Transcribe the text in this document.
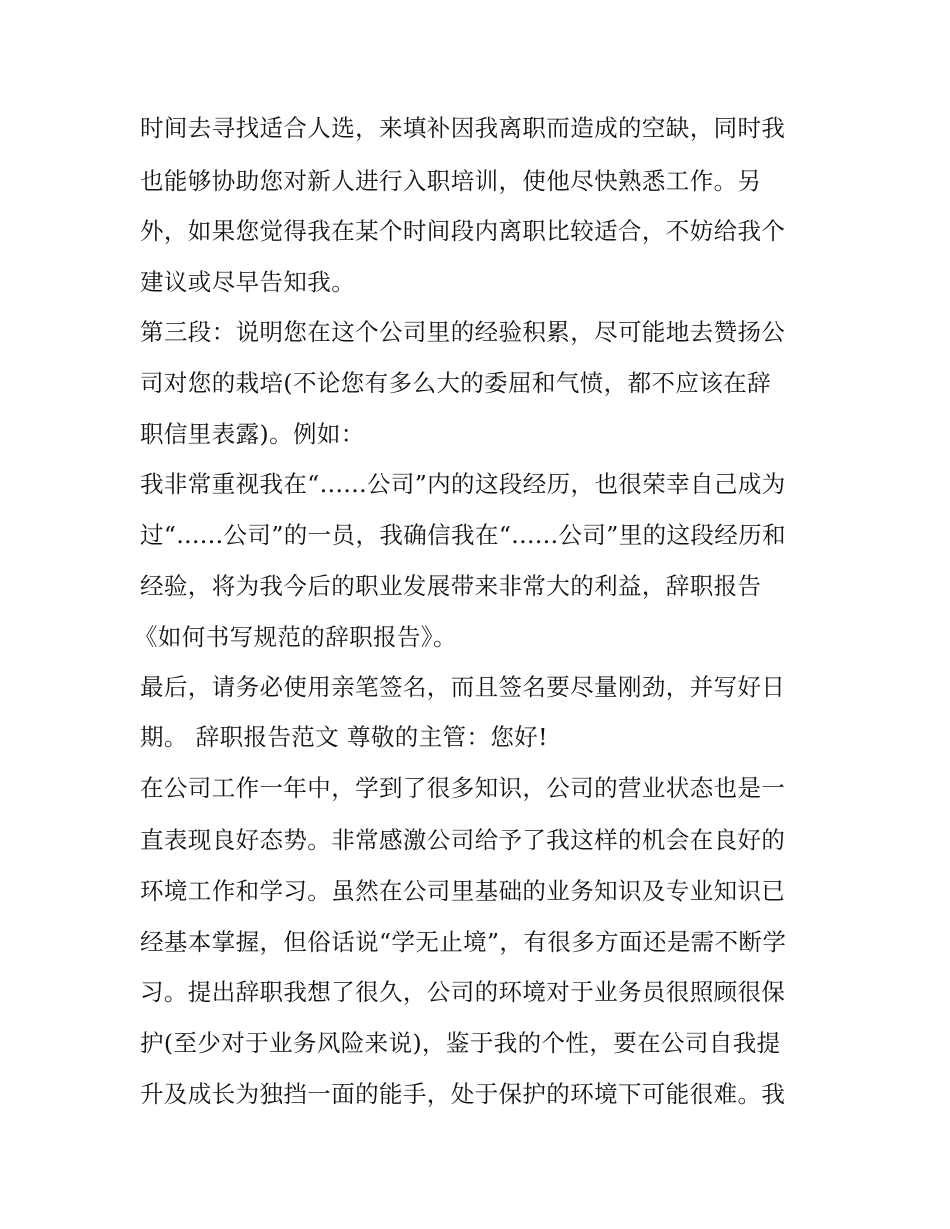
时间去寻找适合人选，来填补因我离职而造成的空缺，同时我
也能够协助您对新人进行入职培训，使他尽快熟悉工作。另
外，如果您觉得我在某个时间段内离职比较适合，不妨给我个
建议或尽早告知我。
第三段：说明您在这个公司里的经验积累，尽可能地去赞扬公
司对您的栽培(不论您有多么大的委屈和气愤，都不应该在辞
职信里表露)。例如：
我非常重视我在“......公司”内的这段经历，也很荣幸自己成为
过“......公司”的一员，我确信我在“......公司”里的这段经历和
经验，将为我今后的职业发展带来非常大的利益，辞职报告
《如何书写规范的辞职报告》。
最后，请务必使用亲笔签名，而且签名要尽量刚劲，并写好日
期。 辞职报告范文 尊敬的主管：您好!
在公司工作一年中，学到了很多知识，公司的营业状态也是一
直表现良好态势。非常感激公司给予了我这样的机会在良好的
环境工作和学习。虽然在公司里基础的业务知识及专业知识已
经基本掌握，但俗话说“学无止境”，有很多方面还是需不断学
习。提出辞职我想了很久，公司的环境对于业务员很照顾很保
护(至少对于业务风险来说)，鉴于我的个性，要在公司自我提
升及成长为独挡一面的能手，处于保护的环境下可能很难。我
